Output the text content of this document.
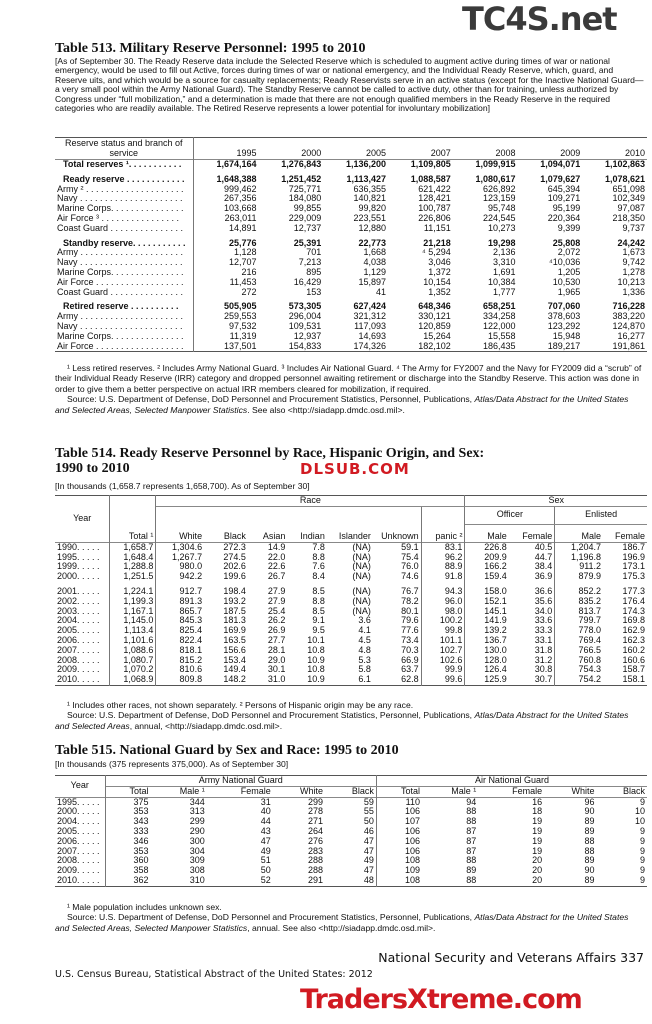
TC4S.net
Table 513. Military Reserve Personnel: 1995 to 2010
[As of September 30. The Ready Reserve data include the Selected Reserve which is scheduled to augment active during times of war or national emergency, would be used to fill out Active, forces during times of war or national emergency, and the Individual Ready Reserve, which, guard, and Reserve uits, and which would be a source for casualty replacements; Ready Reservists serve in an active status (except for the Inactive National Guard—a very small pool within the Army National Guard). The Standby Reserve cannot be called to active duty, other than for training, unless authorized by Congress under “full mobilization,” and a determination is made that there are not enough qualified members in the Ready Reserve in the required categories who are readily available. The Retired Reserve represents a lower potential for involuntary mobilization]
Reserve status and branch of service	1995	2000	2005	2007	2008	2009	2010
Total reserves ¹. . . . . . . . . . .	1,674,164	1,276,843	1,136,200	1,109,805	1,099,915	1,094,071	1,102,863
Ready reserve . . . . . . . . . . . .	1,648,388	1,251,452	1,113,427	1,088,587	1,080,617	1,079,627	1,078,621
Army ² . . . . . . . . . . . . . . . . . . . .	999,462	725,771	636,355	621,422	626,892	645,394	651,098
Navy . . . . . . . . . . . . . . . . . . . . .	267,356	184,080	140,821	128,421	123,159	109,271	102,349
Marine Corps. . . . . . . . . . . . . . .	103,668	99,855	99,820	100,787	95,748	95,199	97,087
Air Force ³ . . . . . . . . . . . . . . . .	263,011	229,009	223,551	226,806	224,545	220,364	218,350
Coast Guard . . . . . . . . . . . . . . .	14,891	12,737	12,880	11,151	10,273	9,399	9,737
Standby reserve. . . . . . . . . . .	25,776	25,391	22,773	21,218	19,298	25,808	24,242
Army . . . . . . . . . . . . . . . . . . . . .	1,128	701	1,668	⁴ 5,294	2,136	2,072	1,673
Navy . . . . . . . . . . . . . . . . . . . . .	12,707	7,213	4,038	3,046	3,310	⁴10,036	9,742
Marine Corps. . . . . . . . . . . . . . .	216	895	1,129	1,372	1,691	1,205	1,278
Air Force . . . . . . . . . . . . . . . . . .	11,453	16,429	15,897	10,154	10,384	10,530	10,213
Coast Guard . . . . . . . . . . . . . . .	272	153	41	1,352	1,777	1,965	1,336
Retired reserve . . . . . . . . . .	505,905	573,305	627,424	648,346	658,251	707,060	716,228
Army . . . . . . . . . . . . . . . . . . . . .	259,553	296,004	321,312	330,121	334,258	378,603	383,220
Navy . . . . . . . . . . . . . . . . . . . . .	97,532	109,531	117,093	120,859	122,000	123,292	124,870
Marine Corps. . . . . . . . . . . . . . .	11,319	12,937	14,693	15,264	15,558	15,948	16,277
Air Force . . . . . . . . . . . . . . . . . .	137,501	154,833	174,326	182,102	186,435	189,217	191,861

¹ Less retired reserves. ² Includes Army National Guard. ³ Includes Air National Guard. ⁴ The Army for FY2007 and the Navy for FY2009 did a “scrub” of their Individual Ready Reserve (IRR) category and dropped personnel awaiting retirement or discharge into the Standby Reserve. This action was done in order to give them a better perspective on actual IRR members cleared for mobilization, if required.

Source: U.S. Department of Defense, DoD Personnel and Procurement Statistics, Personnel, Publications, Atlas/Data Abstract for the United States and Selected Areas, Selected Manpower Statistics. See also <http://siadapp.dmdc.osd.mil>.

Table 514. Ready Reserve Personnel by Race, Hispanic Origin, and Sex:
1990 to 2010	DLSUB.COM
[In thousands (1,658.7 represents 1,658,700). As of September 30]
Year	Total ¹	Race							Sex			
		White	Black	Asian	Indian	Islander	Unknown	panic ²	Officer		Enlisted	
									Male	Female	Male	Female
1990. . . . .	1,658.7	1,304.6	272.3	14.9	7.8	(NA)	59.1	83.1	226.8	40.5	1,204.7	186.7
1995. . . . .	1,648.4	1,267.7	274.5	22.0	8.8	(NA)	75.4	96.2	209.9	44.7	1,196.8	196.9
1999. . . . .	1,288.8	980.0	202.6	22.6	7.6	(NA)	76.0	88.9	166.2	38.4	911.2	173.1
2000. . . . .	1,251.5	942.2	199.6	26.7	8.4	(NA)	74.6	91.8	159.4	36.9	879.9	175.3
2001. . . . .	1,224.1	912.7	198.4	27.9	8.5	(NA)	76.7	94.3	158.0	36.6	852.2	177.3
2002. . . . .	1,199.3	891.3	193.2	27.9	8.8	(NA)	78.2	96.0	152.1	35.6	835.2	176.4
2003. . . . .	1,167.1	865.7	187.5	25.4	8.5	(NA)	80.1	98.0	145.1	34.0	813.7	174.3
2004. . . . .	1,145.0	845.3	181.3	26.2	9.1	3.6	79.6	100.2	141.9	33.6	799.7	169.8
2005. . . . .	1,113.4	825.4	169.9	26.9	9.5	4.1	77.6	99.8	139.2	33.3	778.0	162.9
2006. . . . .	1,101.6	822.4	163.5	27.7	10.1	4.5	73.4	101.1	136.7	33.1	769.4	162.3
2007. . . . .	1,088.6	818.1	156.6	28.1	10.8	4.8	70.3	102.7	130.0	31.8	766.5	160.2
2008. . . . .	1,080.7	815.2	153.4	29.0	10.9	5.3	66.9	102.6	128.0	31.2	760.8	160.6
2009. . . . .	1,070.2	810.6	149.4	30.1	10.8	5.8	63.7	99.9	126.4	30.8	754.3	158.7
2010. . . . .	1,068.9	809.8	148.2	31.0	10.9	6.1	62.8	99.6	125.9	30.7	754.2	158.1

¹ Includes other races, not shown separately. ² Persons of Hispanic origin may be any race.

Source: U.S. Department of Defense, DoD Personnel and Procurement Statistics, Personnel, Publications, Atlas/Data Abstract for the United States and Selected Areas, annual, <http://siadapp.dmdc.osd.mil>.

Table 515. National Guard by Sex and Race: 1995 to 2010
[In thousands (375 represents 375,000). As of September 30]
Year	Army National Guard					Air National Guard				
	Total	Male ¹	Female	White	Black	Total	Male ¹	Female	White	Black
1995. . . . .	375	344	31	299	59	110	94	16	96	9
2000. . . . .	353	313	40	278	55	106	88	18	90	10
2004. . . . .	343	299	44	271	50	107	88	19	89	10
2005. . . . .	333	290	43	264	46	106	87	19	89	9
2006. . . . .	346	300	47	276	47	106	87	19	88	9
2007. . . . .	353	304	49	283	47	106	87	19	88	9
2008. . . . .	360	309	51	288	49	108	88	20	89	9
2009. . . . .	358	308	50	288	47	109	89	20	90	9
2010. . . . .	362	310	52	291	48	108	88	20	89	9

¹ Male population includes unknown sex.

Source: U.S. Department of Defense, DoD Personnel and Procurement Statistics, Personnel, Publications, Atlas/Data Abstract for the United States and Selected Areas, Selected Manpower Statistics, annual. See also <http://siadapp.dmdc.osd.mil>.

National Security and Veterans Affairs 337
U.S. Census Bureau, Statistical Abstract of the United States: 2012
TradersXtreme.com
